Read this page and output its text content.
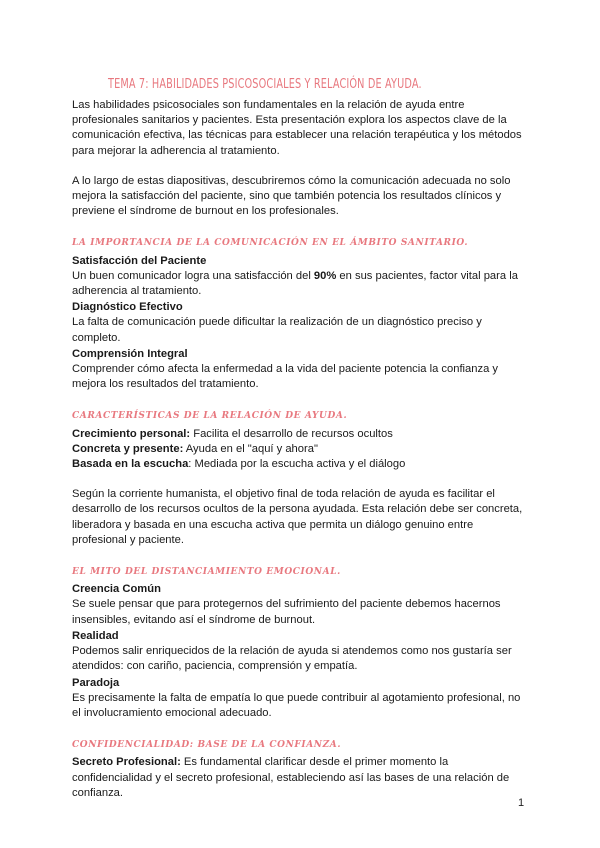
TEMA 7: HABILIDADES PSICOSOCIALES Y RELACIÓN DE AYUDA.

Las habilidades psicosociales son fundamentales en la relación de ayuda entre profesionales sanitarios y pacientes. Esta presentación explora los aspectos clave de la comunicación efectiva, las técnicas para establecer una relación terapéutica y los métodos para mejorar la adherencia al tratamiento.

A lo largo de estas diapositivas, descubriremos cómo la comunicación adecuada no solo mejora la satisfacción del paciente, sino que también potencia los resultados clínicos y previene el síndrome de burnout en los profesionales.

LA IMPORTANCIA DE LA COMUNICACIÓN EN EL ÁMBITO SANITARIO.
Satisfacción del Paciente

Un buen comunicador logra una satisfacción del 90% en sus pacientes, factor vital para la adherencia al tratamiento.

Diagnóstico Efectivo

La falta de comunicación puede dificultar la realización de un diagnóstico preciso y completo.

Comprensión Integral

Comprender cómo afecta la enfermedad a la vida del paciente potencia la confianza y mejora los resultados del tratamiento.

CARACTERÍSTICAS DE LA RELACIÓN DE AYUDA.

Crecimiento personal: Facilita el desarrollo de recursos ocultos

Concreta y presente: Ayuda en el "aquí y ahora"

Basada en la escucha: Mediada por la escucha activa y el diálogo

Según la corriente humanista, el objetivo final de toda relación de ayuda es facilitar el desarrollo de los recursos ocultos de la persona ayudada. Esta relación debe ser concreta, liberadora y basada en una escucha activa que permita un diálogo genuino entre profesional y paciente.

EL MITO DEL DISTANCIAMIENTO EMOCIONAL.
Creencia Común

Se suele pensar que para protegernos del sufrimiento del paciente debemos hacernos insensibles, evitando así el síndrome de burnout.

Realidad

Podemos salir enriquecidos de la relación de ayuda si atendemos como nos gustaría ser atendidos: con cariño, paciencia, comprensión y empatía.

Paradoja

Es precisamente la falta de empatía lo que puede contribuir al agotamiento profesional, no el involucramiento emocional adecuado.

CONFIDENCIALIDAD: BASE DE LA CONFIANZA.

Secreto Profesional: Es fundamental clarificar desde el primer momento la confidencialidad y el secreto profesional, estableciendo así las bases de una relación de confianza.

1
